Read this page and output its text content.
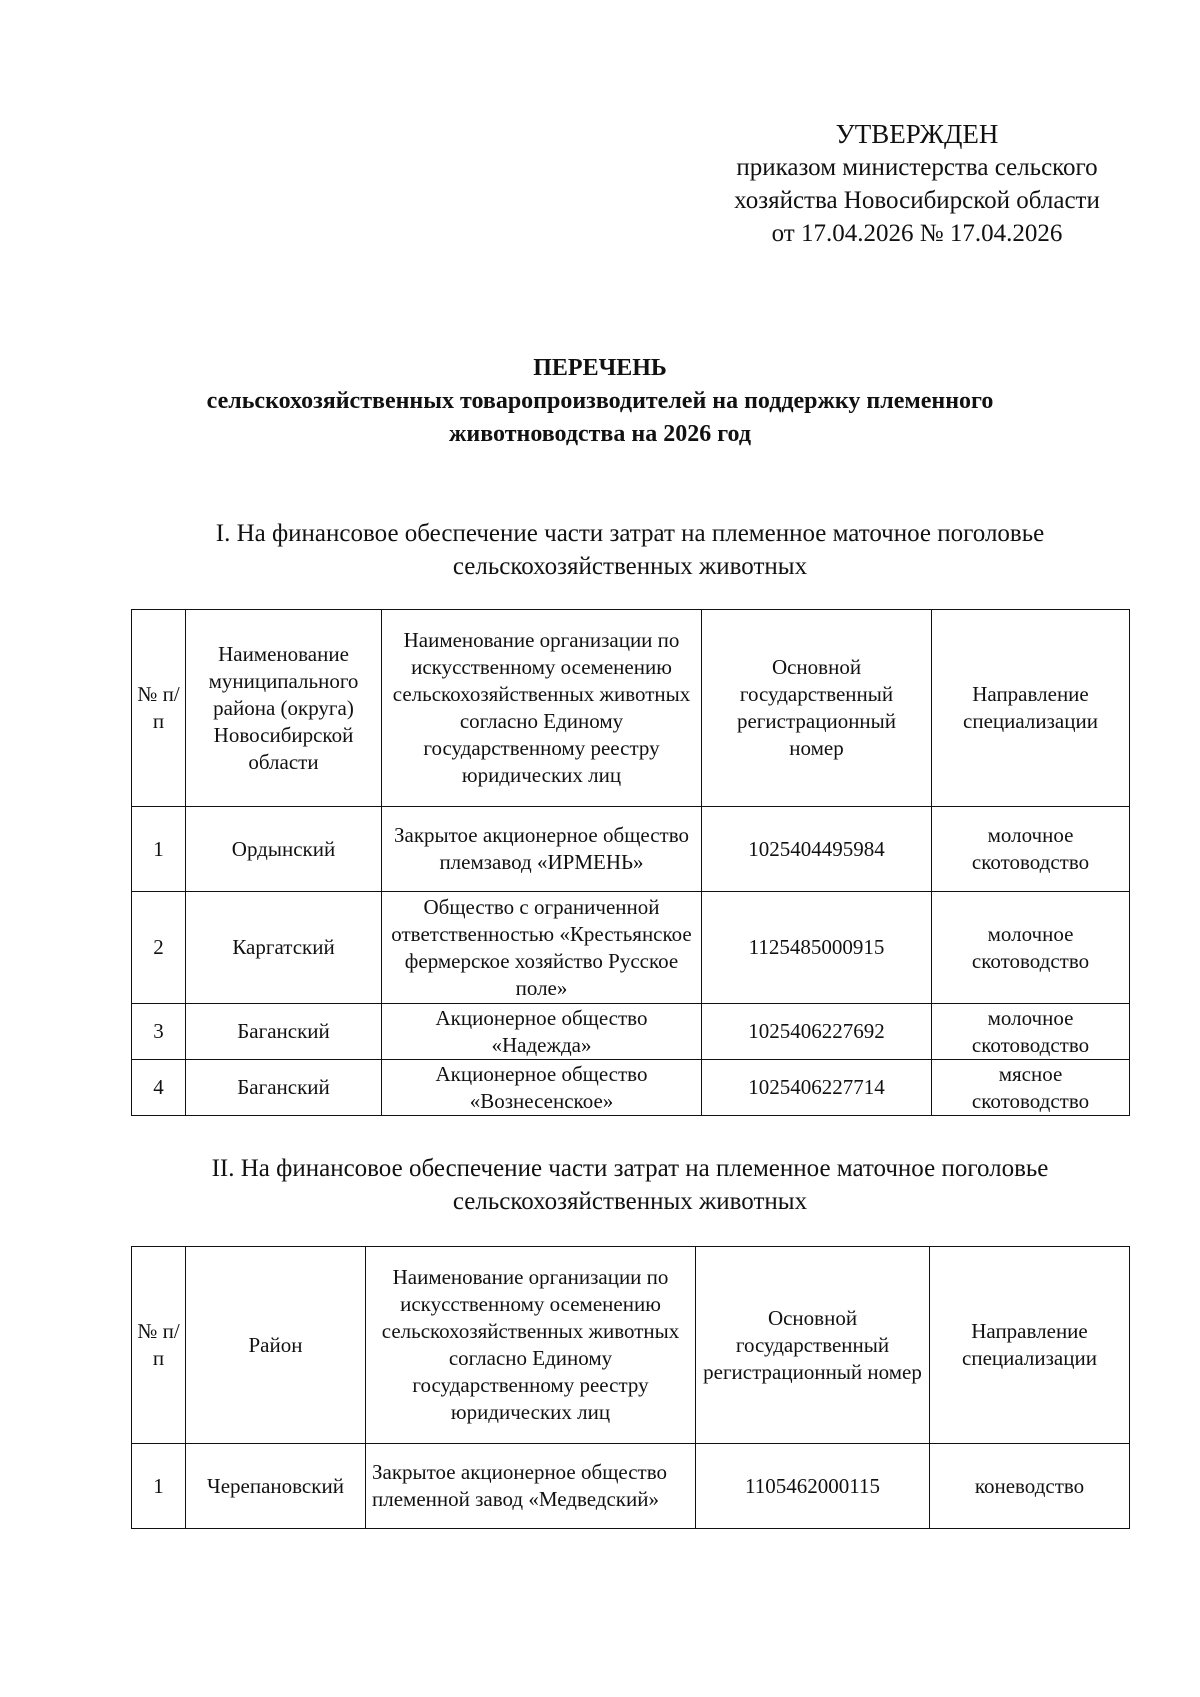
УТВЕРЖДЕН
приказом министерства сельского
хозяйства Новосибирской области
от 17.04.2026 № 17.04.2026
ПЕРЕЧЕНЬ
сельскохозяйственных товаропроизводителей на поддержку племенного
животноводства на 2026 год
I. На финансовое обеспечение части затрат на племенное маточное поголовье
сельскохозяйственных животных
№ п/п	Наименование муниципального района (округа) Новосибирской области	Наименование организации по искусственному осеменению сельскохозяйственных животных согласно Единому государственному реестру юридических лиц	Основной государственный регистрационный номер	Направление специализации
1	Ордынский	Закрытое акционерное общество племзавод «ИРМЕНЬ»	1025404495984	молочное скотоводство
2	Каргатский	Общество с ограниченной ответственностью «Крестьянское фермерское хозяйство Русское поле»	1125485000915	молочное скотоводство
3	Баганский	Акционерное общество «Надежда»	1025406227692	молочное скотоводство
4	Баганский	Акционерное общество «Вознесенское»	1025406227714	мясное скотоводство
II. На финансовое обеспечение части затрат на племенное маточное поголовье
сельскохозяйственных животных
№ п/п	Район	Наименование организации по искусственному осеменению сельскохозяйственных животных согласно Единому государственному реестру юридических лиц	Основной государственный регистрационный номер	Направление специализации
1	Черепановский	Закрытое акционерное общество племенной завод «Медведский»	1105462000115	коневодство
